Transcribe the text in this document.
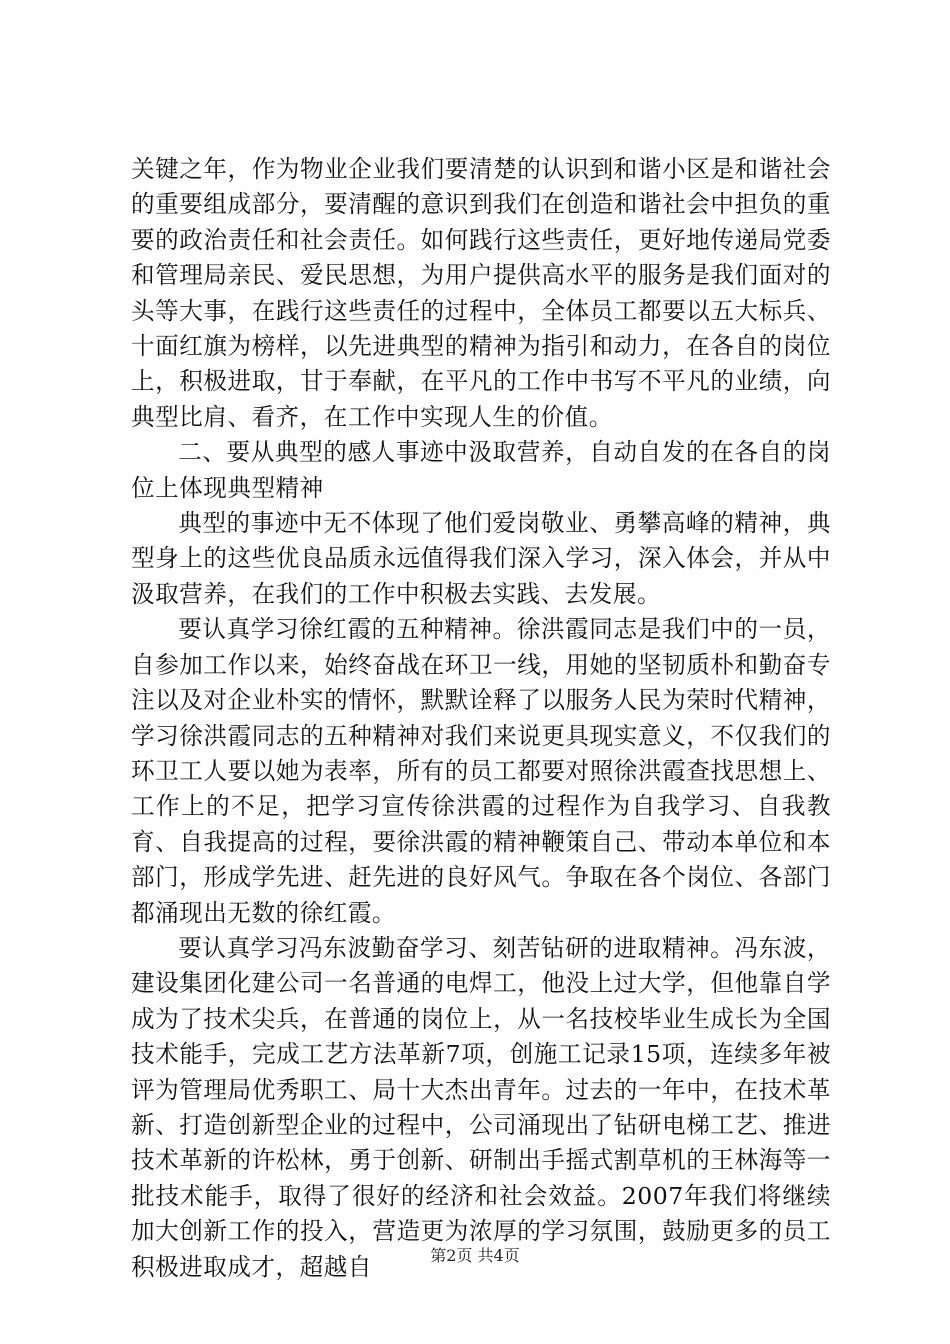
关键之年，作为物业企业我们要清楚的认识到和谐小区是和谐社会的重要组成部分，要清醒的意识到我们在创造和谐社会中担负的重要的政治责任和社会责任。如何践行这些责任，更好地传递局党委和管理局亲民、爱民思想，为用户提供高水平的服务是我们面对的头等大事，在践行这些责任的过程中，全体员工都要以五大标兵、十面红旗为榜样，以先进典型的精神为指引和动力，在各自的岗位上，积极进取，甘于奉献，在平凡的工作中书写不平凡的业绩，向典型比肩、看齐，在工作中实现人生的价值。

二、要从典型的感人事迹中汲取营养，自动自发的在各自的岗位上体现典型精神

典型的事迹中无不体现了他们爱岗敬业、勇攀高峰的精神，典型身上的这些优良品质永远值得我们深入学习，深入体会，并从中汲取营养，在我们的工作中积极去实践、去发展。

要认真学习徐红霞的五种精神。徐洪霞同志是我们中的一员，自参加工作以来，始终奋战在环卫一线，用她的坚韧质朴和勤奋专注以及对企业朴实的情怀，默默诠释了以服务人民为荣时代精神，学习徐洪霞同志的五种精神对我们来说更具现实意义，不仅我们的环卫工人要以她为表率，所有的员工都要对照徐洪霞查找思想上、工作上的不足，把学习宣传徐洪霞的过程作为自我学习、自我教育、自我提高的过程，要徐洪霞的精神鞭策自己、带动本单位和本部门，形成学先进、赶先进的良好风气。争取在各个岗位、各部门都涌现出无数的徐红霞。

要认真学习冯东波勤奋学习、刻苦钻研的进取精神。冯东波，建设集团化建公司一名普通的电焊工，他没上过大学，但他靠自学成为了技术尖兵，在普通的岗位上，从一名技校毕业生成长为全国技术能手，完成工艺方法革新7项，创施工记录15项，连续多年被评为管理局优秀职工、局十大杰出青年。过去的一年中，在技术革新、打造创新型企业的过程中，公司涌现出了钻研电梯工艺、推进技术革新的许松林，勇于创新、研制出手摇式割草机的王林海等一批技术能手，取得了很好的经济和社会效益。2007年我们将继续加大创新工作的投入，营造更为浓厚的学习氛围，鼓励更多的员工积极进取成才，超越自	第2页 共4页
